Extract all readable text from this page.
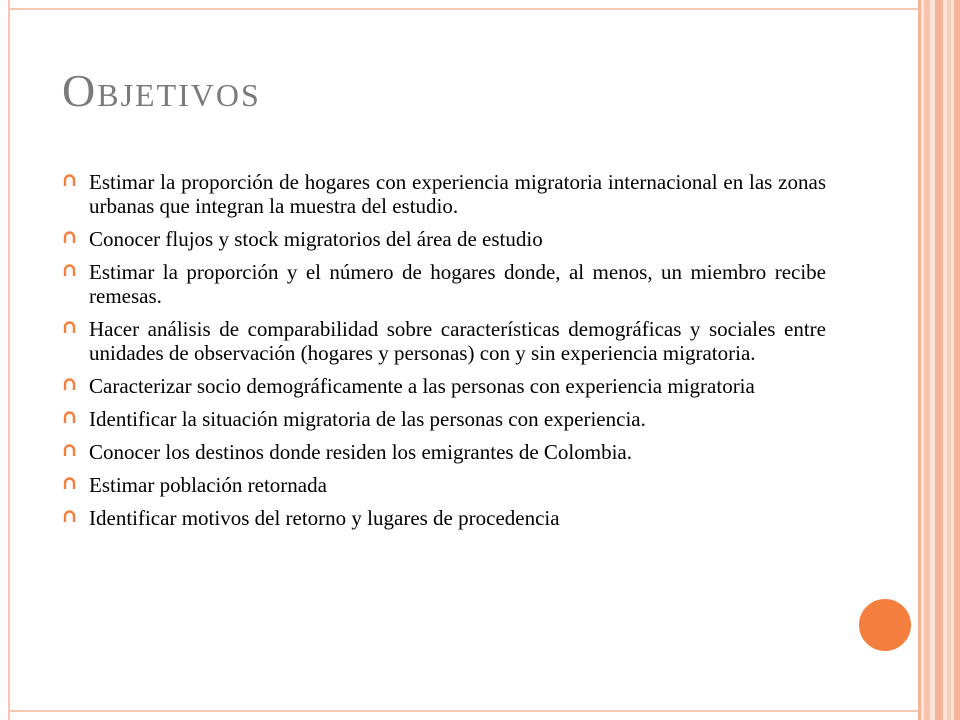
Objetivos
Estimar la proporción de hogares con experiencia migratoria internacional en las zonas urbanas que integran la muestra del estudio.
Conocer flujos y stock migratorios del área de estudio
Estimar la proporción y el número de hogares donde, al menos, un miembro recibe remesas.
Hacer análisis de comparabilidad sobre características demográficas y sociales entre unidades de observación (hogares y personas) con y sin experiencia migratoria.
Caracterizar socio demográficamente a las personas con experiencia migratoria
Identificar la situación migratoria de las personas con experiencia.
Conocer los destinos donde residen los emigrantes de Colombia.
Estimar población retornada
Identificar motivos del retorno y lugares de procedencia
